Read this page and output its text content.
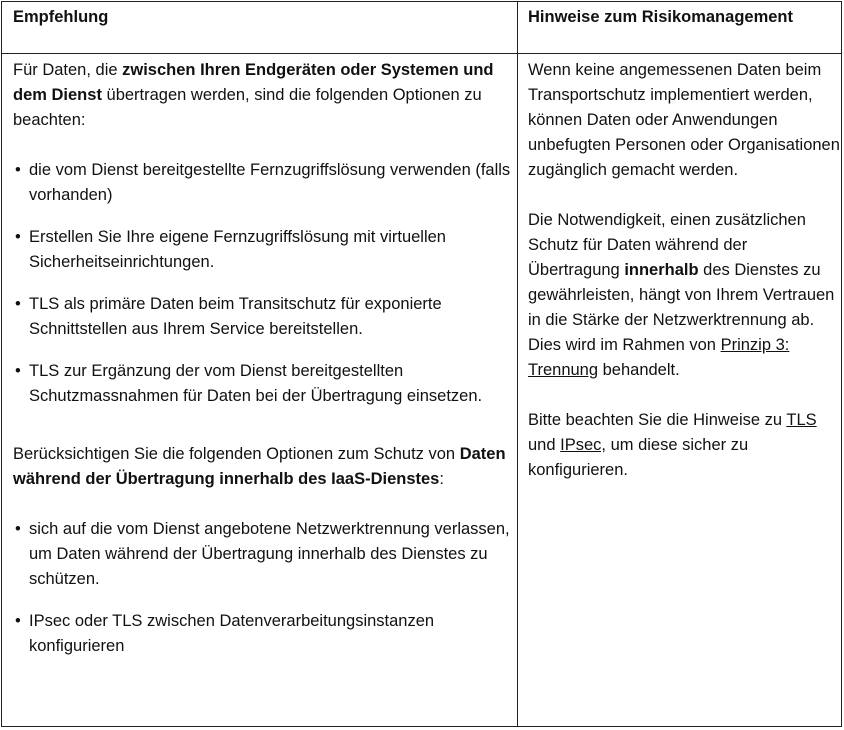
Empfehlung	Hinweise zum Risikomanagement

Für Daten, die zwischen Ihren Endgeräten oder Systemen und dem Dienst übertragen werden, sind die folgenden Optionen zu beachten:

• die vom Dienst bereitgestellte Fernzugriffslösung verwenden (falls vorhanden)
• Erstellen Sie Ihre eigene Fernzugriffslösung mit virtuellen Sicherheitseinrichtungen.
• TLS als primäre Daten beim Transitschutz für exponierte Schnittstellen aus Ihrem Service bereitstellen.
• TLS zur Ergänzung der vom Dienst bereitgestellten Schutzmassnahmen für Daten bei der Übertragung einsetzen.

Berücksichtigen Sie die folgenden Optionen zum Schutz von Daten während der Übertragung innerhalb des IaaS-Dienstes:

• sich auf die vom Dienst angebotene Netzwerktrennung verlassen, um Daten während der Übertragung innerhalb des Dienstes zu schützen.
• IPsec oder TLS zwischen Datenverarbeitungsinstanzen konfigurieren

Wenn keine angemessenen Daten beim Transportschutz implementiert werden, können Daten oder Anwendungen unbefugten Personen oder Organisationen zugänglich gemacht werden.

Die Notwendigkeit, einen zusätzlichen Schutz für Daten während der Übertragung innerhalb des Dienstes zu gewährleisten, hängt von Ihrem Vertrauen in die Stärke der Netzwerktrennung ab. Dies wird im Rahmen von Prinzip 3: Trennung behandelt.

Bitte beachten Sie die Hinweise zu TLS und IPsec, um diese sicher zu konfigurieren.
